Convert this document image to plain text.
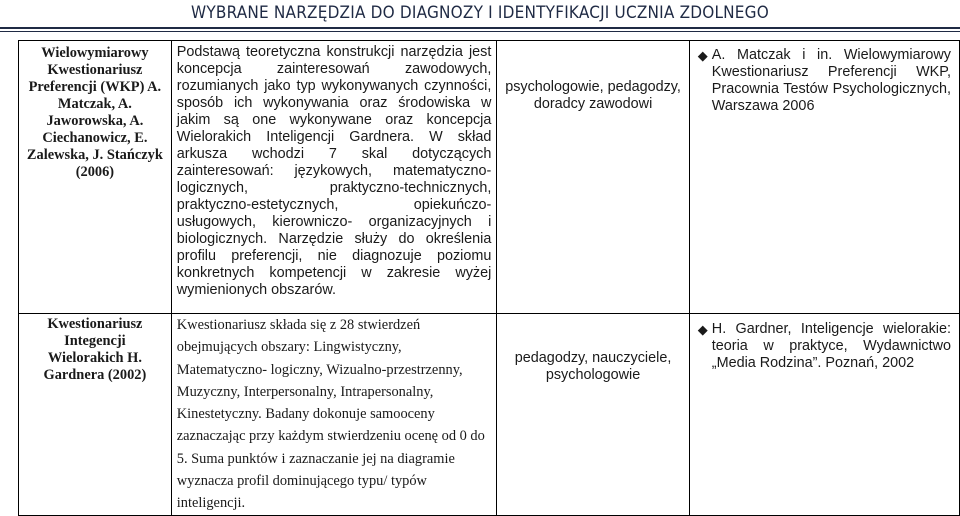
WYBRANE NARZĘDZIA DO DIAGNOZY I IDENTYFIKACJI UCZNIA ZDOLNEGO
Wielowymiarowy Kwestionariusz Preferencji (WKP) A. Matczak, A. Jaworowska, A. Ciechanowicz, E. Zalewska, J. Stańczyk (2006)	Podstawą teoretyczna konstrukcji narzędzia jest koncepcja zainteresowań zawodowych, rozumianych jako typ wykonywanych czynności, sposób ich wykonywania oraz środowiska w jakim są one wykonywane oraz koncepcja Wielorakich Inteligencji Gardnera. W skład arkusza wchodzi 7 skal dotyczących zainteresowań: językowych, matematyczno-logicznych, praktyczno-technicznych, praktyczno-estetycznych, opiekuńczo-usługowych, kierowniczo- organizacyjnych i biologicznych. Narzędzie służy do określenia profilu preferencji, nie diagnozuje poziomu konkretnych kompetencji w zakresie wyżej wymienionych obszarów.	psychologowie, pedagodzy, doradcy zawodowi	◆ A. Matczak i in. Wielowymiarowy Kwestionariusz Preferencji WKP, Pracownia Testów Psychologicznych, Warszawa 2006

Kwestionariusz Integencji Wielorakich H. Gardnera (2002)	Kwestionariusz składa się z 28 stwierdzeń obejmujących obszary: Lingwistyczny, Matematyczno- logiczny, Wizualno-przestrzenny, Muzyczny, Interpersonalny, Intrapersonalny, Kinestetyczny. Badany dokonuje samooceny zaznaczając przy każdym stwierdzeniu ocenę od 0 do 5. Suma punktów i zaznaczanie jej na diagramie wyznacza profil dominującego typu/ typów inteligencji.	pedagodzy, nauczyciele, psychologowie	◆ H. Gardner, Inteligencje wielorakie: teoria w praktyce, Wydawnictwo „Media Rodzina”. Poznań, 2002
